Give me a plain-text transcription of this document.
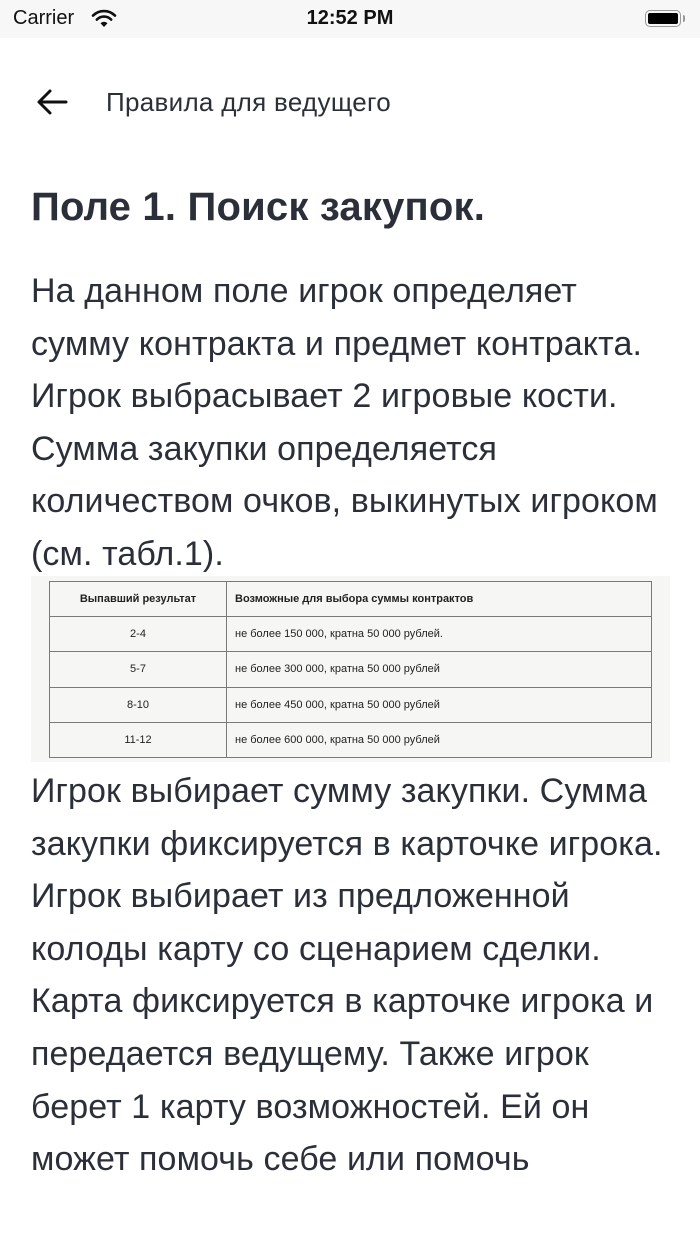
Carrier	12:52 PM
Правила для ведущего
Поле 1. Поиск закупок.

На данном поле игрок определяет сумму контракта и предмет контракта. Игрок выбрасывает 2 игровые кости. Сумма закупки определяется количеством очков, выкинутых игроком (см. табл.1).

Выпавший результат	Возможные для выбора суммы контрактов
2-4	не более 150 000, кратна 50 000 рублей.
5-7	не более 300 000, кратна 50 000 рублей
8-10	не более 450 000, кратна 50 000 рублей
11-12	не более 600 000, кратна 50 000 рублей

Игрок выбирает сумму закупки. Сумма закупки фиксируется в карточке игрока. Игрок выбирает из предложенной колоды карту со сценарием сделки. Карта фиксируется в карточке игрока и передается ведущему. Также игрок берет 1 карту возможностей. Ей он может помочь себе или помочь
